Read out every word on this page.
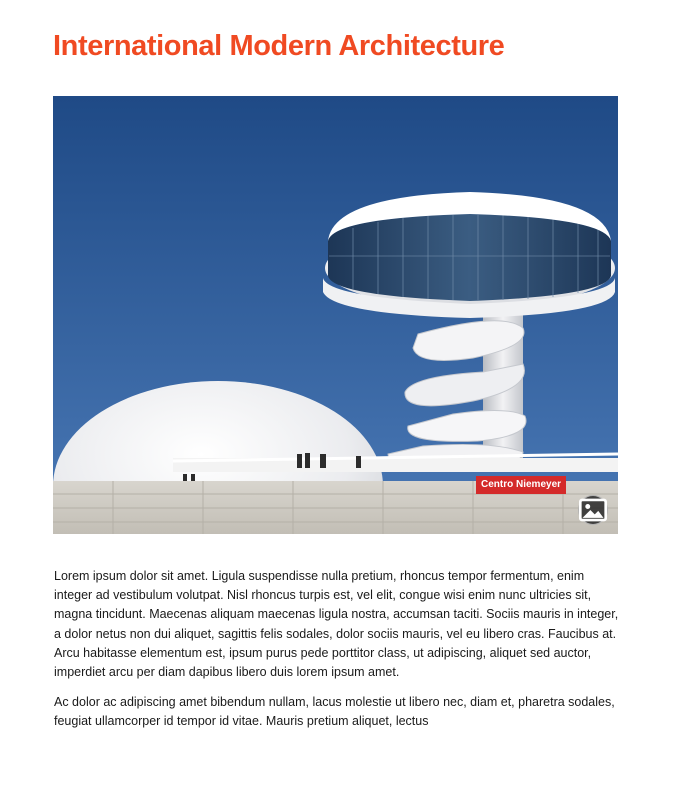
International Modern Architecture
Centro Niemeyer

Lorem ipsum dolor sit amet. Ligula suspendisse nulla pretium, rhoncus tempor fermentum, enim integer ad vestibulum volutpat. Nisl rhoncus turpis est, vel elit, congue wisi enim nunc ultricies sit, magna tincidunt. Maecenas aliquam maecenas ligula nostra, accumsan taciti. Sociis mauris in integer, a dolor netus non dui aliquet, sagittis felis sodales, dolor sociis mauris, vel eu libero cras. Faucibus at. Arcu habitasse elementum est, ipsum purus pede porttitor class, ut adipiscing, aliquet sed auctor, imperdiet arcu per diam dapibus libero duis lorem ipsum amet.

Ac dolor ac adipiscing amet bibendum nullam, lacus molestie ut libero nec, diam et, pharetra sodales, feugiat ullamcorper id tempor id vitae. Mauris pretium aliquet, lectus
